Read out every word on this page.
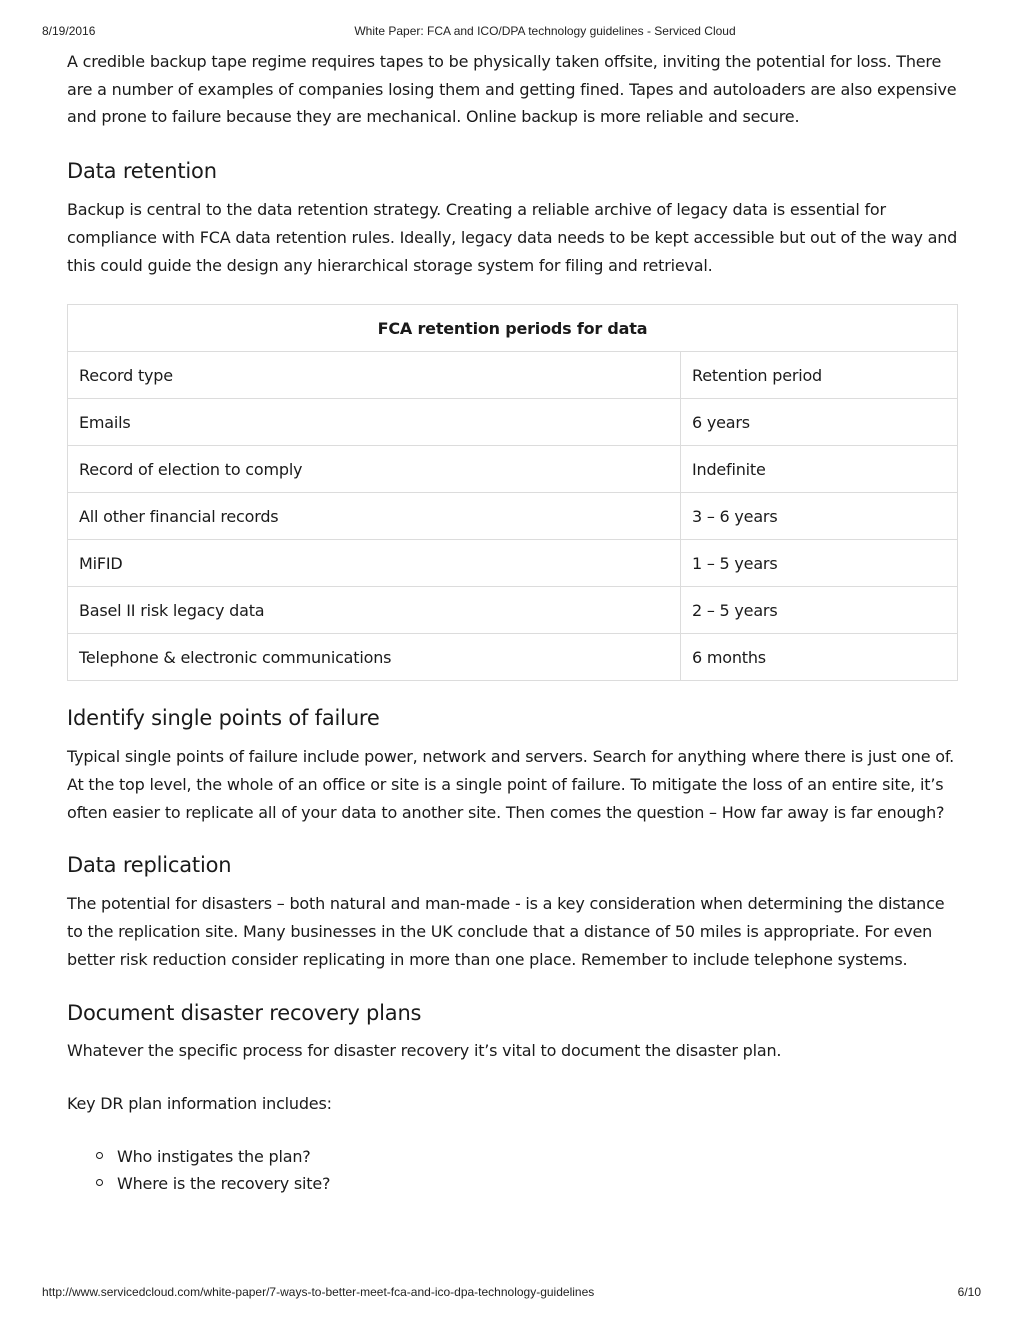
8/19/2016	White Paper: FCA and ICO/DPA technology guidelines - Serviced Cloud

A credible backup tape regime requires tapes to be physically taken offsite, inviting the potential for loss. There are a number of examples of companies losing them and getting fined. Tapes and autoloaders are also expensive and prone to failure because they are mechanical. Online backup is more reliable and secure.

Data retention

Backup is central to the data retention strategy. Creating a reliable archive of legacy data is essential for compliance with FCA data retention rules. Ideally, legacy data needs to be kept accessible but out of the way and this could guide the design any hierarchical storage system for filing and retrieval.

FCA retention periods for data	
Record type	Retention period
Emails	6 years
Record of election to comply	Indefinite
All other financial records	3 – 6 years
MiFID	1 – 5 years
Basel II risk legacy data	2 – 5 years
Telephone & electronic communications	6 months
Identify single points of failure

Typical single points of failure include power, network and servers. Search for anything where there is just one of. At the top level, the whole of an office or site is a single point of failure. To mitigate the loss of an entire site, it’s often easier to replicate all of your data to another site. Then comes the question – How far away is far enough?

Data replication

The potential for disasters – both natural and man-made - is a key consideration when determining the distance to the replication site. Many businesses in the UK conclude that a distance of 50 miles is appropriate. For even better risk reduction consider replicating in more than one place. Remember to include telephone systems.

Document disaster recovery plans

Whatever the specific process for disaster recovery it’s vital to document the disaster plan.

Key DR plan information includes:

Who instigates the plan?
Where is the recovery site?
http://www.servicedcloud.com/white-paper/7-ways-to-better-meet-fca-and-ico-dpa-technology-guidelines	6/10
